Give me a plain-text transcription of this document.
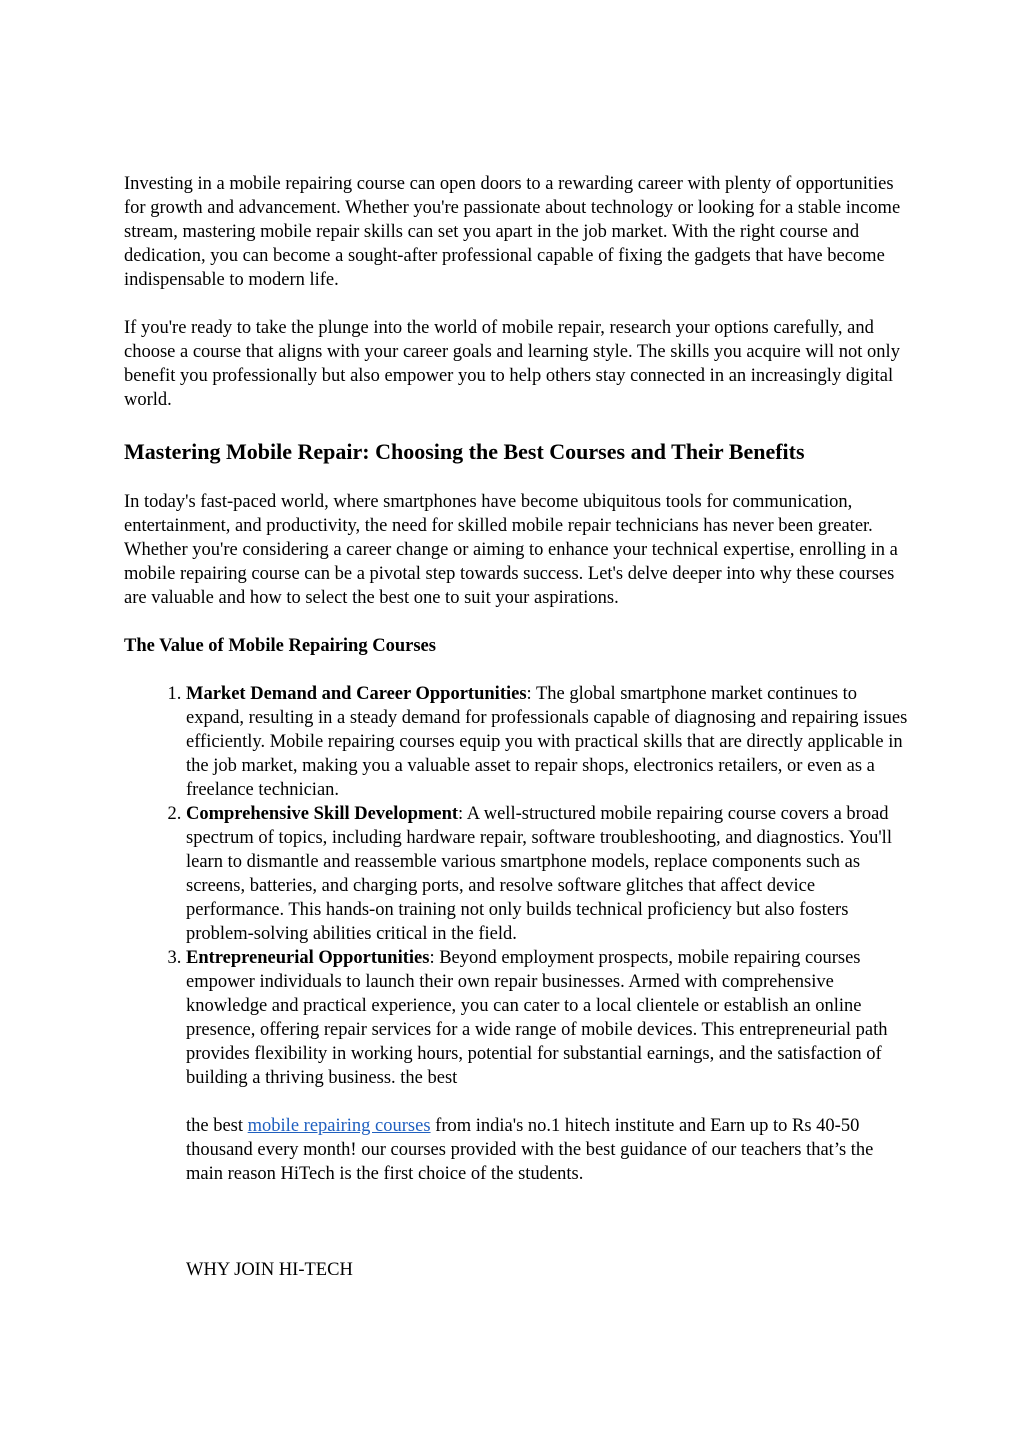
Investing in a mobile repairing course can open doors to a rewarding career with plenty of opportunities for growth and advancement. Whether you're passionate about technology or looking for a stable income stream, mastering mobile repair skills can set you apart in the job market. With the right course and dedication, you can become a sought-after professional capable of fixing the gadgets that have become indispensable to modern life.

If you're ready to take the plunge into the world of mobile repair, research your options carefully, and choose a course that aligns with your career goals and learning style. The skills you acquire will not only benefit you professionally but also empower you to help others stay connected in an increasingly digital world.

Mastering Mobile Repair: Choosing the Best Courses and Their Benefits

In today's fast-paced world, where smartphones have become ubiquitous tools for communication, entertainment, and productivity, the need for skilled mobile repair technicians has never been greater. Whether you're considering a career change or aiming to enhance your technical expertise, enrolling in a mobile repairing course can be a pivotal step towards success. Let's delve deeper into why these courses are valuable and how to select the best one to suit your aspirations.

The Value of Mobile Repairing Courses
1. Market Demand and Career Opportunities: The global smartphone market continues to expand, resulting in a steady demand for professionals capable of diagnosing and repairing issues efficiently. Mobile repairing courses equip you with practical skills that are directly applicable in the job market, making you a valuable asset to repair shops, electronics retailers, or even as a freelance technician.
2. Comprehensive Skill Development: A well-structured mobile repairing course covers a broad spectrum of topics, including hardware repair, software troubleshooting, and diagnostics. You'll learn to dismantle and reassemble various smartphone models, replace components such as screens, batteries, and charging ports, and resolve software glitches that affect device performance. This hands-on training not only builds technical proficiency but also fosters problem-solving abilities critical in the field.
3. Entrepreneurial Opportunities: Beyond employment prospects, mobile repairing courses empower individuals to launch their own repair businesses. Armed with comprehensive knowledge and practical experience, you can cater to a local clientele or establish an online presence, offering repair services for a wide range of mobile devices. This entrepreneurial path provides flexibility in working hours, potential for substantial earnings, and the satisfaction of building a thriving business. the best

the best mobile repairing courses from india's no.1 hitech institute and Earn up to Rs 40-50 thousand every month! our courses provided with the best guidance of our teachers that’s the main reason HiTech is the first choice of the students.

WHY JOIN HI-TECH
